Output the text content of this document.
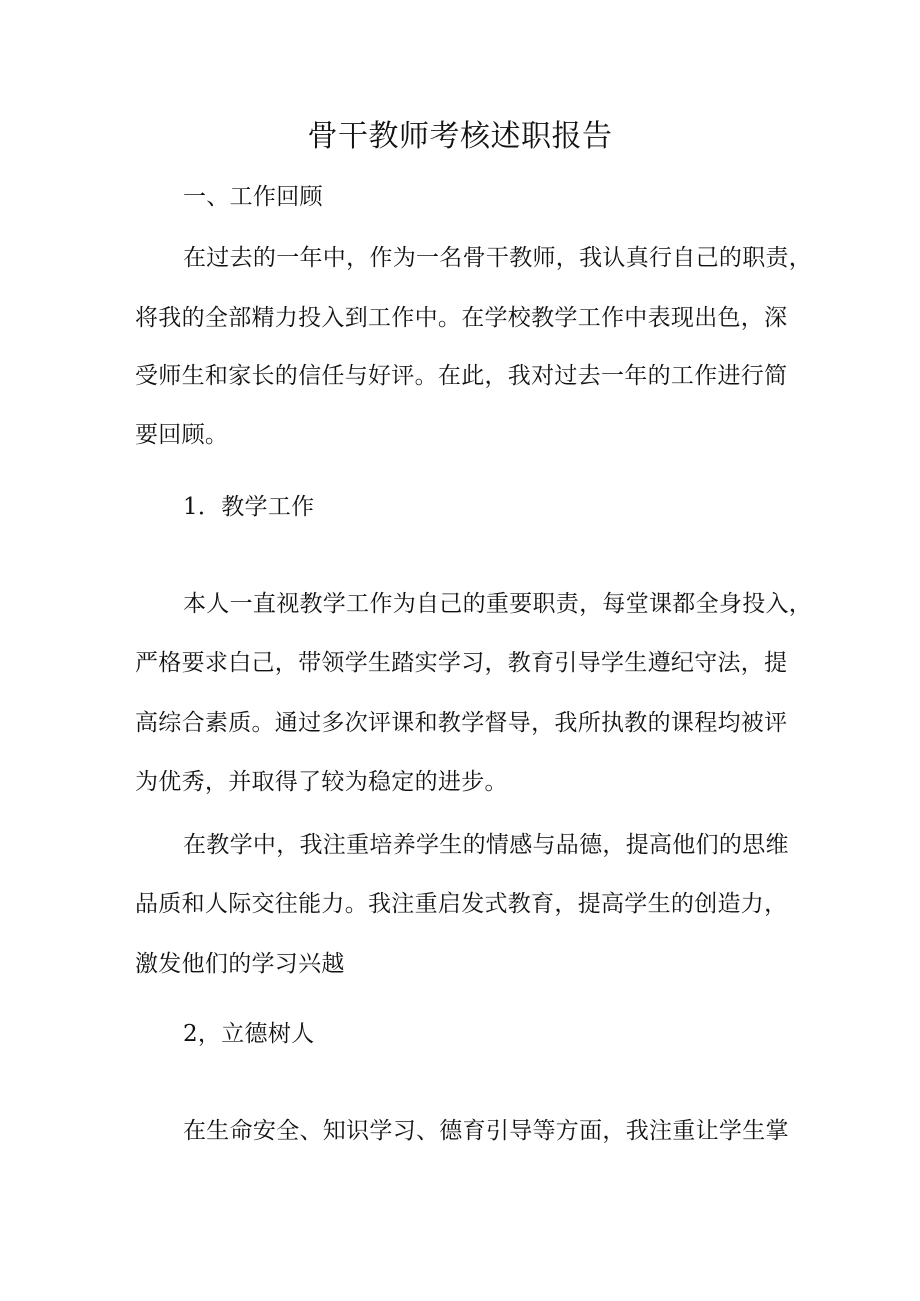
骨干教师考核述职报告
一、工作回顾
在过去的一年中，作为一名骨干教师，我认真行自己的职责，
将我的全部精力投入到工作中。在学校教学工作中表现出色，深
受师生和家长的信任与好评。在此，我对过去一年的工作进行简
要回顾。
1．教学工作
本人一直视教学工作为自己的重要职责，每堂课都全身投入，
严格要求白己，带领学生踏实学习，教育引导学生遵纪守法，提
高综合素质。通过多次评课和教学督导，我所执教的课程均被评
为优秀，并取得了较为稳定的进步。
在教学中，我注重培养学生的情感与品德，提高他们的思维
品质和人际交往能力。我注重启发式教育，提高学生的创造力，
激发他们的学习兴越
2，立德树人
在生命安全、知识学习、德育引导等方面，我注重让学生掌
